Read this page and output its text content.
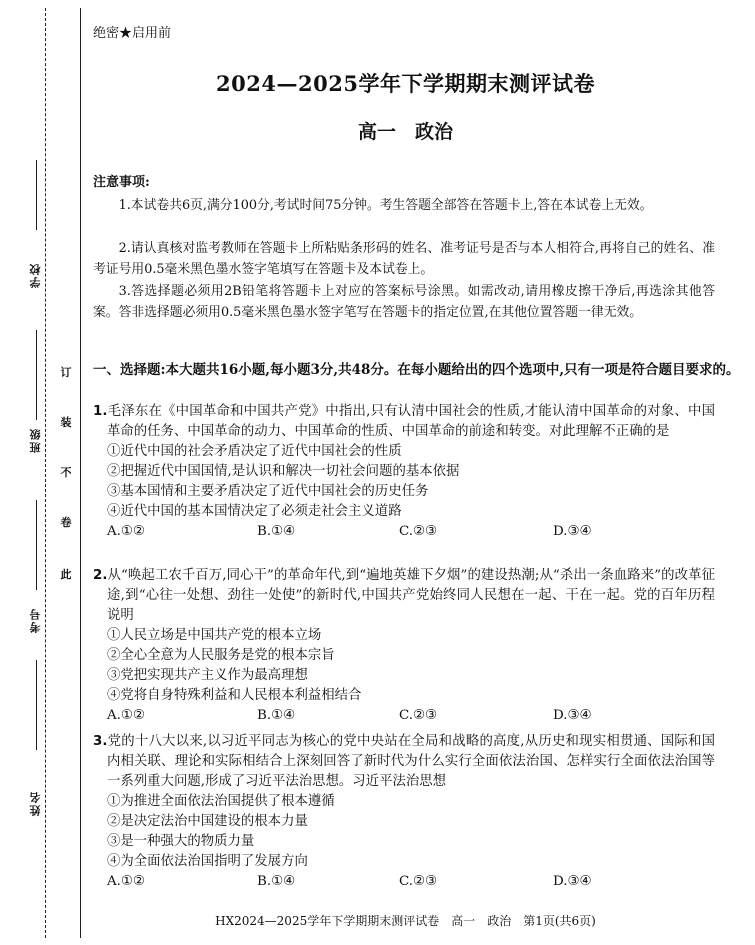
学校
班级
考号
姓名
订
装
不
卷
此
绝密★启用前
2024—2025学年下学期期末测评试卷
高一　政治
注意事项:
1.本试卷共6页,满分100分,考试时间75分钟。考生答题全部答在答题卡上,答在本试卷上无效。
2.请认真核对监考教师在答题卡上所粘贴条形码的姓名、准考证号是否与本人相符合,再将自己的姓名、准考证号用0.5毫米黑色墨水签字笔填写在答题卡及本试卷上。
3.答选择题必须用2B铅笔将答题卡上对应的答案标号涂黑。如需改动,请用橡皮擦干净后,再选涂其他答案。答非选择题必须用0.5毫米黑色墨水签字笔写在答题卡的指定位置,在其他位置答题一律无效。
一、选择题:本大题共16小题,每小题3分,共48分。在每小题给出的四个选项中,只有一项是符合题目要求的。
1.毛泽东在《中国革命和中国共产党》中指出,只有认清中国社会的性质,才能认清中国革命的对象、中国革命的任务、中国革命的动力、中国革命的性质、中国革命的前途和转变。对此理解不正确的是
①近代中国的社会矛盾决定了近代中国社会的性质
②把握近代中国国情,是认识和解决一切社会问题的基本依据
③基本国情和主要矛盾决定了近代中国社会的历史任务
④近代中国的基本国情决定了必须走社会主义道路
A.①②	B.①④	C.②③	D.③④
2.从“唤起工农千百万,同心干”的革命年代,到“遍地英雄下夕烟”的建设热潮;从“杀出一条血路来”的改革征途,到“心往一处想、劲往一处使”的新时代,中国共产党始终同人民想在一起、干在一起。党的百年历程说明
①人民立场是中国共产党的根本立场
②全心全意为人民服务是党的根本宗旨
③党把实现共产主义作为最高理想
④党将自身特殊利益和人民根本利益相结合
A.①②	B.①④	C.②③	D.③④
3.党的十八大以来,以习近平同志为核心的党中央站在全局和战略的高度,从历史和现实相贯通、国际和国内相关联、理论和实际相结合上深刻回答了新时代为什么实行全面依法治国、怎样实行全面依法治国等一系列重大问题,形成了习近平法治思想。习近平法治思想
①为推进全面依法治国提供了根本遵循
②是决定法治中国建设的根本力量
③是一种强大的物质力量
④为全面依法治国指明了发展方向
A.①②	B.①④	C.②③	D.③④
HX2024—2025学年下学期期末测评试卷　高一　政治　第1页(共6页)
